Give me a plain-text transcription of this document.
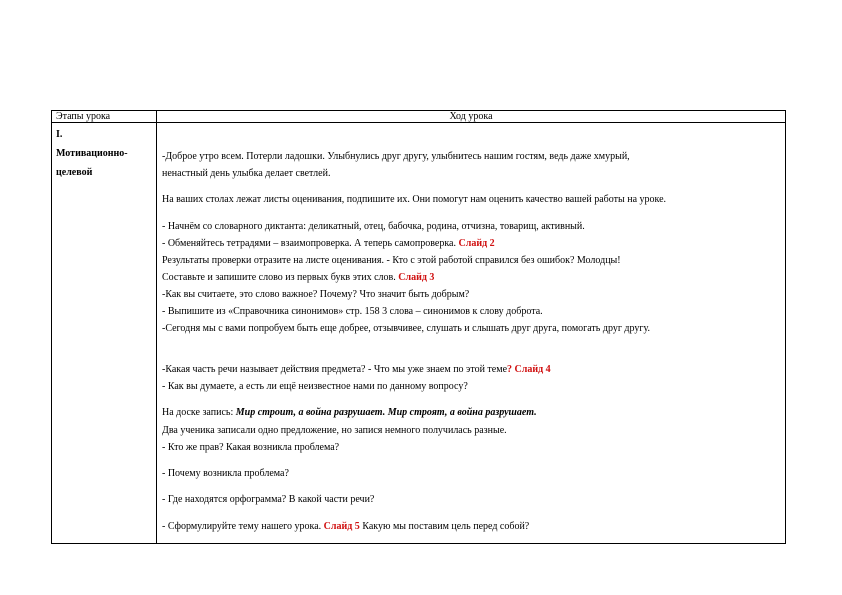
Этапы урока	Ход урока
I.
Мотивационно-
целевой
-Доброе утро всем. Потерли ладошки. Улыбнулись друг другу, улыбнитесь нашим гостям, ведь даже хмурый,
ненастный день улыбка делает светлей.
На ваших столах лежат листы оценивания, подпишите их. Они помогут нам оценить качество вашей работы на уроке.
- Начнём со словарного диктанта: деликатный, отец, бабочка, родина, отчизна, товарищ, активный.
- Обменяйтесь тетрадями – взаимопроверка. А теперь самопроверка. Слайд 2
Результаты проверки отразите на листе оценивания. - Кто с этой работой справился без ошибок? Молодцы!
Составьте и запишите слово из первых букв этих слов. Слайд 3
-Как вы считаете, это слово важное? Почему? Что значит быть добрым?
- Выпишите из «Справочника синонимов» стр. 158 3 слова – синонимов к слову доброта.
-Сегодня мы с вами попробуем быть еще добрее, отзывчивее, слушать и слышать друг друга, помогать друг другу.
-Какая часть речи называет действия предмета? - Что мы уже знаем по этой теме? Слайд 4
- Как вы думаете, а есть ли ещё неизвестное нами по данному вопросу?
На доске запись: Мир строит, а война разрушает. Мир строят, а война разрушает.
Два ученика записали одно предложение, но запися немного получилась разные.
- Кто же прав? Какая возникла проблема?
- Почему возникла проблема?
- Где находятся орфограмма? В какой части речи?
- Сформулируйте тему нашего урока. Слайд 5 Какую мы поставим цель перед собой?
